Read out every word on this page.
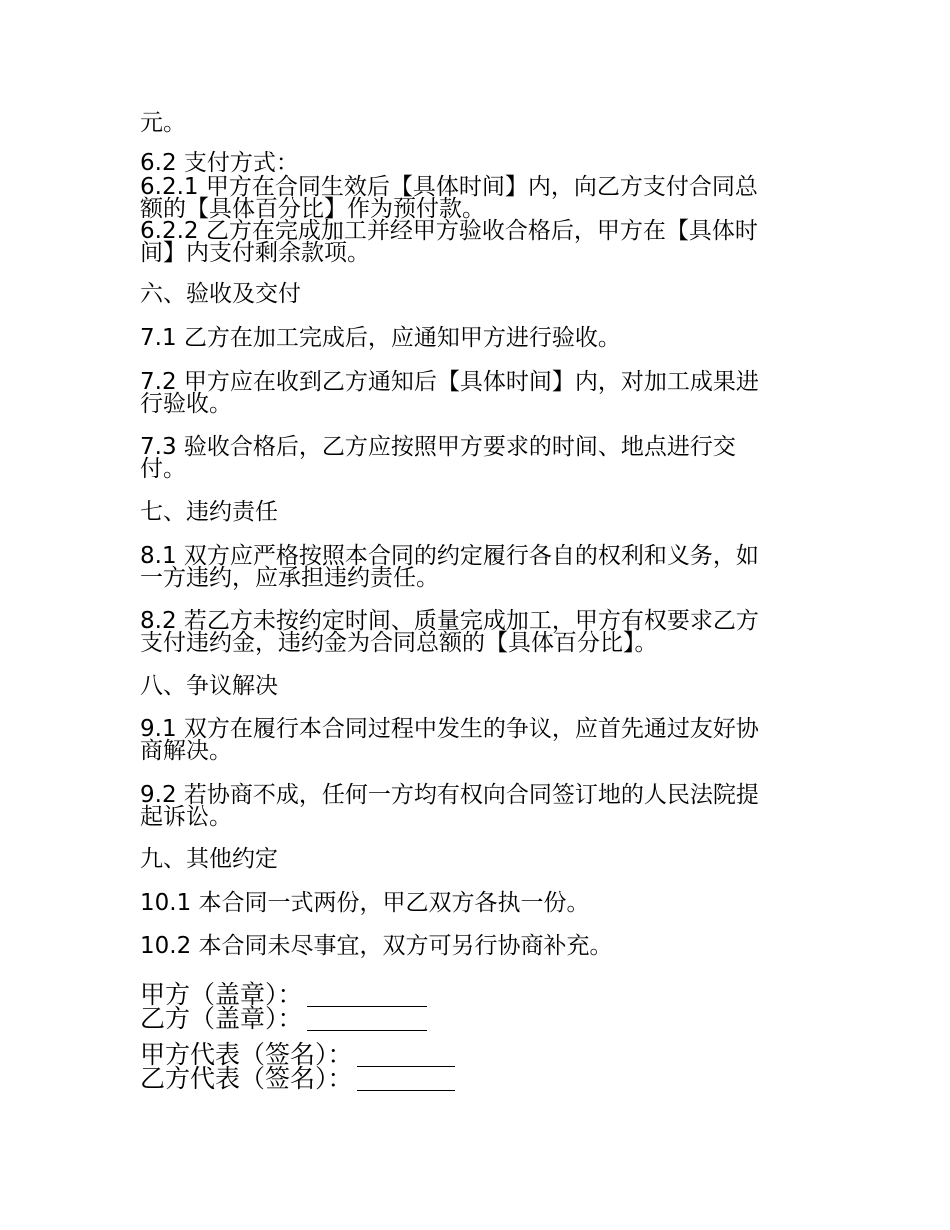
元。
6.2 支付方式：
6.2.1 甲方在合同生效后【具体时间】内，向乙方支付合同总
额的【具体百分比】作为预付款。
6.2.2 乙方在完成加工并经甲方验收合格后，甲方在【具体时
间】内支付剩余款项。
六、验收及交付
7.1 乙方在加工完成后，应通知甲方进行验收。
7.2 甲方应在收到乙方通知后【具体时间】内，对加工成果进
行验收。
7.3 验收合格后，乙方应按照甲方要求的时间、地点进行交
付。
七、违约责任
8.1 双方应严格按照本合同的约定履行各自的权利和义务，如
一方违约，应承担违约责任。
8.2 若乙方未按约定时间、质量完成加工，甲方有权要求乙方
支付违约金，违约金为合同总额的【具体百分比】。
八、争议解决
9.1 双方在履行本合同过程中发生的争议，应首先通过友好协
商解决。
9.2 若协商不成，任何一方均有权向合同签订地的人民法院提
起诉讼。
九、其他约定
10.1 本合同一式两份，甲乙双方各执一份。
10.2 本合同未尽事宜，双方可另行协商补充。
甲方（盖章）：
乙方（盖章）：
甲方代表（签名）：
乙方代表（签名）：
